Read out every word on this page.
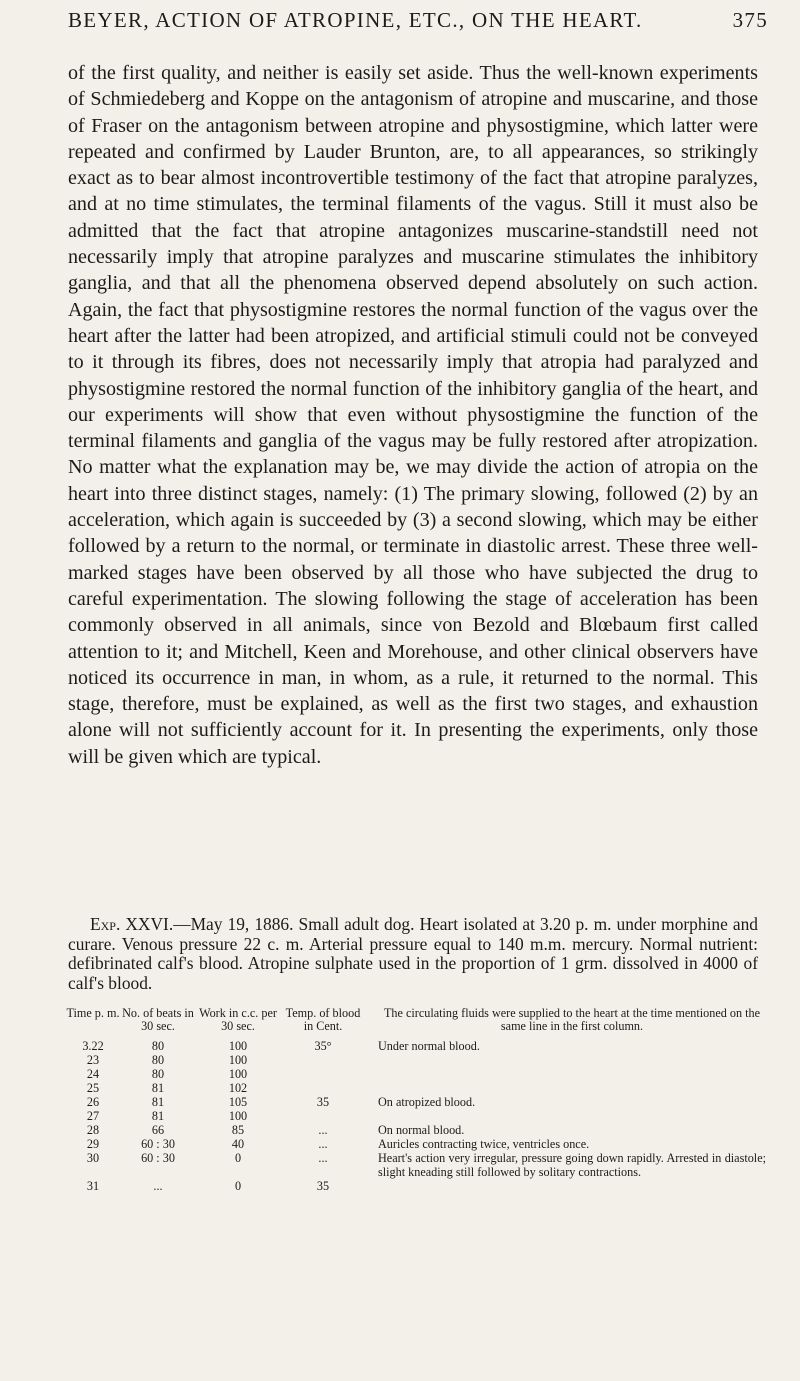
BEYER, ACTION OF ATROPINE, ETC., ON THE HEART.	375

of the first quality, and neither is easily set aside. Thus the well-known experiments of Schmiedeberg and Koppe on the antagonism of atropine and muscarine, and those of Fraser on the antagonism between atropine and physostigmine, which latter were repeated and confirmed by Lauder Brunton, are, to all appearances, so strikingly exact as to bear almost incontrovertible testimony of the fact that atropine paralyzes, and at no time stimulates, the terminal filaments of the vagus. Still it must also be admitted that the fact that atropine antagonizes muscarine-standstill need not necessarily imply that atropine paralyzes and muscarine stimulates the inhibitory ganglia, and that all the phenomena observed depend absolutely on such action. Again, the fact that physostigmine restores the normal function of the vagus over the heart after the latter had been atropized, and artificial stimuli could not be conveyed to it through its fibres, does not necessarily imply that atropia had paralyzed and physostigmine restored the normal function of the inhibitory ganglia of the heart, and our experiments will show that even without physostigmine the function of the terminal filaments and ganglia of the vagus may be fully restored after atropization. No matter what the explanation may be, we may divide the action of atropia on the heart into three distinct stages, namely: (1) The primary slowing, followed (2) by an acceleration, which again is succeeded by (3) a second slowing, which may be either followed by a return to the normal, or terminate in diastolic arrest. These three well-marked stages have been observed by all those who have subjected the drug to careful experimentation. The slowing following the stage of acceleration has been commonly observed in all animals, since von Bezold and Blœbaum first called attention to it; and Mitchell, Keen and Morehouse, and other clinical observers have noticed its occurrence in man, in whom, as a rule, it returned to the normal. This stage, therefore, must be explained, as well as the first two stages, and exhaustion alone will not sufficiently account for it. In presenting the experiments, only those will be given which are typical.

Exp. XXVI.—May 19, 1886. Small adult dog. Heart isolated at 3.20 p. m. under morphine and curare. Venous pressure 22 c. m. Arterial pressure equal to 140 m.m. mercury. Normal nutrient: defibrinated calf's blood. Atropine sulphate used in the proportion of 1 grm. dissolved in 4000 of calf's blood.

Time p. m.	No. of beats in 30 sec.	Work in c.c. per 30 sec.	Temp. of blood in Cent.	The circulating fluids were supplied to the heart at the time mentioned on the same line in the first column.
3.22	80	100	35°	Under normal blood.
23	80	100		
24	80	100		
25	81	102		
26	81	105	35	On atropized blood.
27	81	100		
28	66	85	...	On normal blood.
29	60 : 30	40	...	Auricles contracting twice, ventricles once.
30	60 : 30	0	...	Heart's action very irregular, pressure going down rapidly. Arrested in diastole; slight kneading still followed by solitary contractions.
31	...	0	35	
